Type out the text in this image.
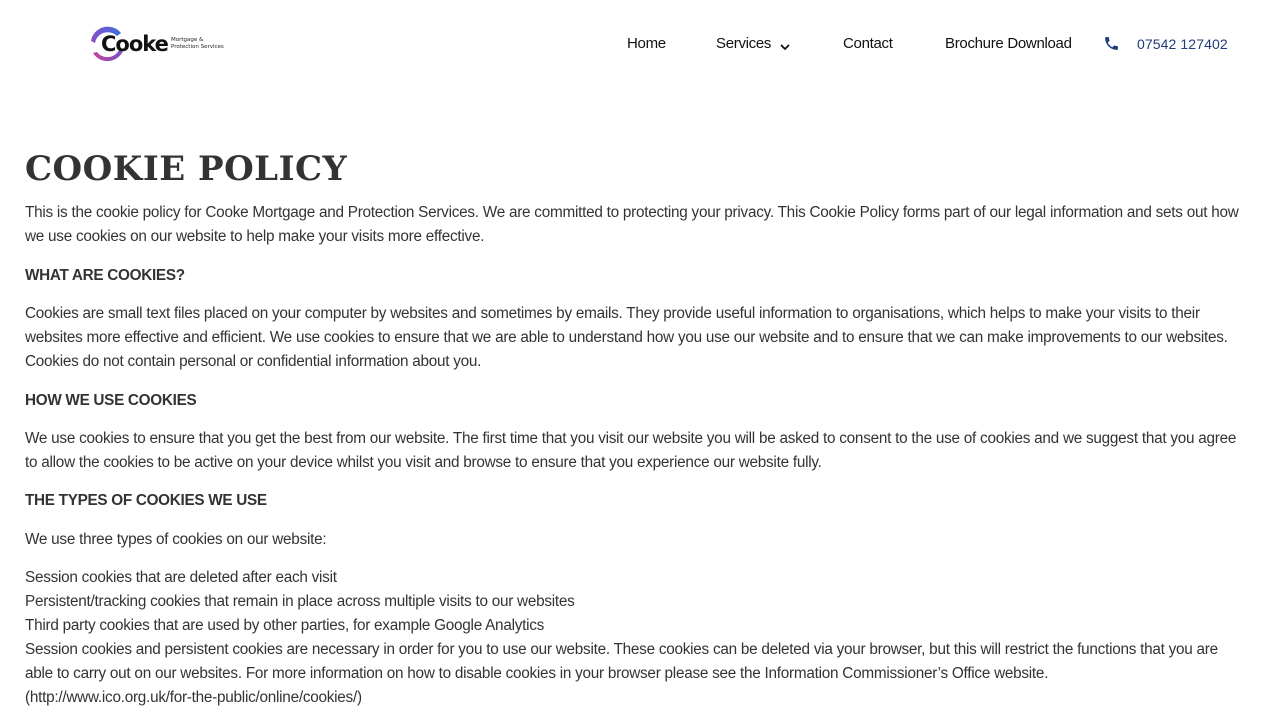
Cooke Mortgage &
Protection Services	Home	Services	Contact	Brochure Download	07542 127402
COOKIE POLICY

This is the cookie policy for Cooke Mortgage and Protection Services. We are committed to protecting your privacy. This Cookie Policy forms part of our legal information and sets out how we use cookies on our website to help make your visits more effective.

WHAT ARE COOKIES?

Cookies are small text files placed on your computer by websites and sometimes by emails. They provide useful information to organisations, which helps to make your visits to their websites more effective and efficient. We use cookies to ensure that we are able to understand how you use our website and to ensure that we can make improvements to our websites. Cookies do not contain personal or confidential information about you.

HOW WE USE COOKIES

We use cookies to ensure that you get the best from our website. The first time that you visit our website you will be asked to consent to the use of cookies and we suggest that you agree to allow the cookies to be active on your device whilst you visit and browse to ensure that you experience our website fully.

THE TYPES OF COOKIES WE USE

We use three types of cookies on our website:

Session cookies that are deleted after each visit
Persistent/tracking cookies that remain in place across multiple visits to our websites
Third party cookies that are used by other parties, for example Google Analytics
Session cookies and persistent cookies are necessary in order for you to use our website. These cookies can be deleted via your browser, but this will restrict the functions that you are able to carry out on our websites. For more information on how to disable cookies in your browser please see the Information Commissioner’s Office website.
(http://www.ico.org.uk/for-the-public/online/cookies/)
